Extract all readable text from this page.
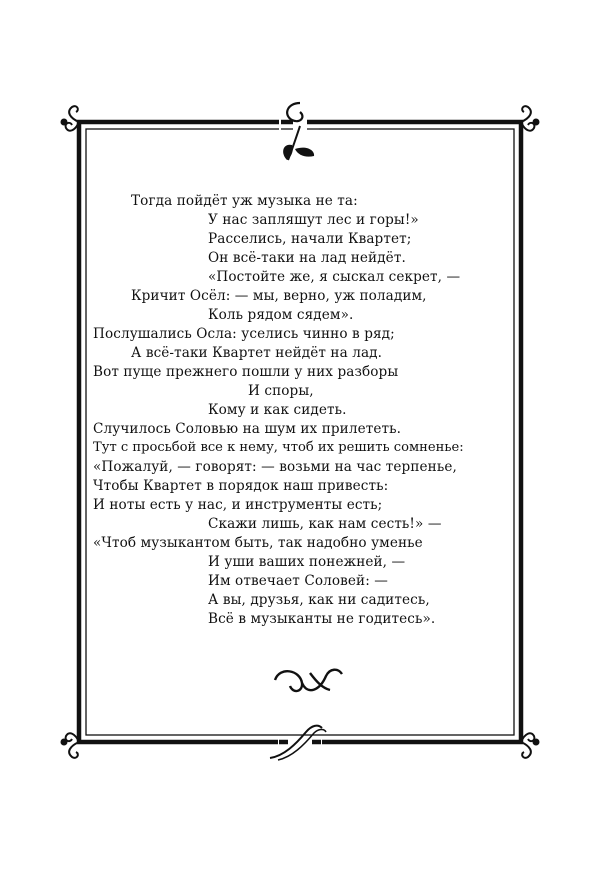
Тогда пойдёт уж музыка не та:
У нас запляшут лес и горы!»
Расселись, начали Квартет;
Он всё-таки на лад нейдёт.
«Постойте же, я сыскал секрет, —
Кричит Осёл: — мы, верно, уж поладим,
Коль рядом сядем».
Послушались Осла: уселись чинно в ряд;
А всё-таки Квартет нейдёт на лад.
Вот пуще прежнего пошли у них разборы
И споры,
Кому и как сидеть.
Случилось Соловью на шум их прилететь.
Тут с просьбой все к нему, чтоб их решить сомненье:
«Пожалуй, — говорят: — возьми на час терпенье,
Чтобы Квартет в порядок наш привесть:
И ноты есть у нас, и инструменты есть;
Скажи лишь, как нам сесть!» —
«Чтоб музыкантом быть, так надобно уменье
И уши ваших понежней, —
Им отвечает Соловей: —
А вы, друзья, как ни садитесь,
Всё в музыканты не годитесь».
